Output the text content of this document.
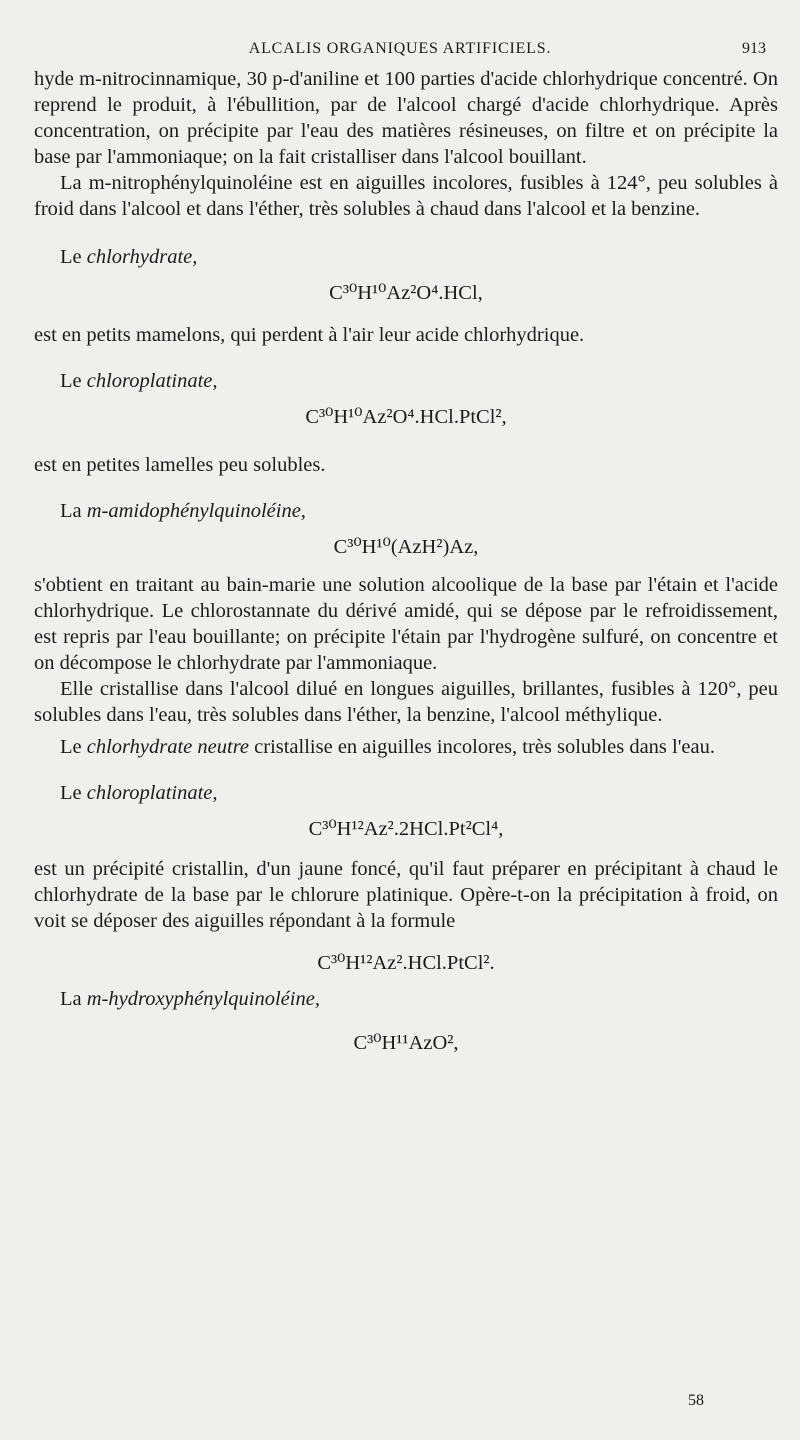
ALCALIS ORGANIQUES ARTIFICIELS.	913

hyde m-nitrocinnamique, 30 p-d'aniline et 100 parties d'acide chlorhydrique concentré. On reprend le produit, à l'ébullition, par de l'alcool chargé d'acide chlorhydrique. Après concentration, on précipite par l'eau des matières résineuses, on filtre et on précipite la base par l'ammoniaque; on la fait cristalliser dans l'alcool bouillant.

La m-nitrophénylquinoléine est en aiguilles incolores, fusibles à 124°, peu solubles à froid dans l'alcool et dans l'éther, très solubles à chaud dans l'alcool et la benzine.

Le chlorhydrate,

C³⁰H¹⁰Az²O⁴.HCl,

est en petits mamelons, qui perdent à l'air leur acide chlorhydrique.

Le chloroplatinate,

C³⁰H¹⁰Az²O⁴.HCl.PtCl²,

est en petites lamelles peu solubles.

La m-amidophénylquinoléine,

C³⁰H¹⁰(AzH²)Az,

s'obtient en traitant au bain-marie une solution alcoolique de la base par l'étain et l'acide chlorhydrique. Le chlorostannate du dérivé amidé, qui se dépose par le refroidissement, est repris par l'eau bouillante; on précipite l'étain par l'hydrogène sulfuré, on concentre et on décompose le chlorhydrate par l'ammoniaque.

Elle cristallise dans l'alcool dilué en longues aiguilles, brillantes, fusibles à 120°, peu solubles dans l'eau, très solubles dans l'éther, la benzine, l'alcool méthylique.

Le chlorhydrate neutre cristallise en aiguilles incolores, très solubles dans l'eau.

Le chloroplatinate,

C³⁰H¹²Az².2HCl.Pt²Cl⁴,

est un précipité cristallin, d'un jaune foncé, qu'il faut préparer en précipitant à chaud le chlorhydrate de la base par le chlorure platinique. Opère-t-on la précipitation à froid, on voit se déposer des aiguilles répondant à la formule

C³⁰H¹²Az².HCl.PtCl².

La m-hydroxyphénylquinoléine,

C³⁰H¹¹AzO²,
58
